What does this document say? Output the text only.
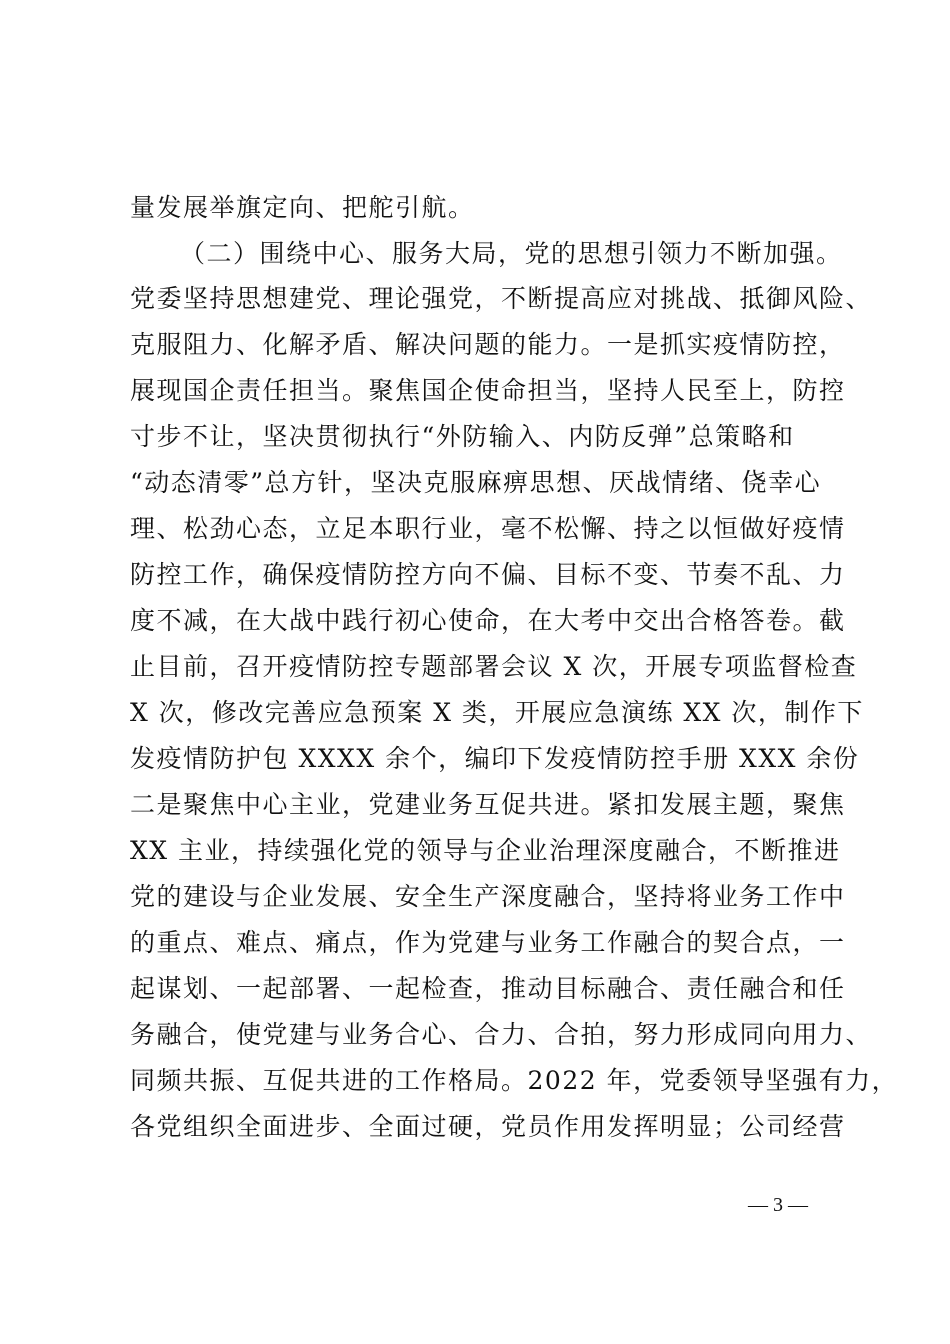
量发展举旗定向、把舵引航。
（二）围绕中心、服务大局，党的思想引领力不断加强。
党委坚持思想建党、理论强党，不断提高应对挑战、抵御风险、
克服阻力、化解矛盾、解决问题的能力。一是抓实疫情防控，
展现国企责任担当。聚焦国企使命担当，坚持人民至上，防控
寸步不让，坚决贯彻执行“外防输入、内防反弹”总策略和
“动态清零”总方针，坚决克服麻痹思想、厌战情绪、侥幸心
理、松劲心态，立足本职行业，毫不松懈、持之以恒做好疫情
防控工作，确保疫情防控方向不偏、目标不变、节奏不乱、力
度不减，在大战中践行初心使命，在大考中交出合格答卷。截
止目前，召开疫情防控专题部署会议 X 次，开展专项监督检查
X 次，修改完善应急预案 X 类，开展应急演练 XX 次，制作下
发疫情防护包 XXXX 余个，编印下发疫情防控手册 XXX 余份
二是聚焦中心主业，党建业务互促共进。紧扣发展主题，聚焦
XX 主业，持续强化党的领导与企业治理深度融合，不断推进
党的建设与企业发展、安全生产深度融合，坚持将业务工作中
的重点、难点、痛点，作为党建与业务工作融合的契合点，一
起谋划、一起部署、一起检查，推动目标融合、责任融合和任
务融合，使党建与业务合心、合力、合拍，努力形成同向用力、
同频共振、互促共进的工作格局。2022 年，党委领导坚强有力，
各党组织全面进步、全面过硬，党员作用发挥明显；公司经营
— 3 —
